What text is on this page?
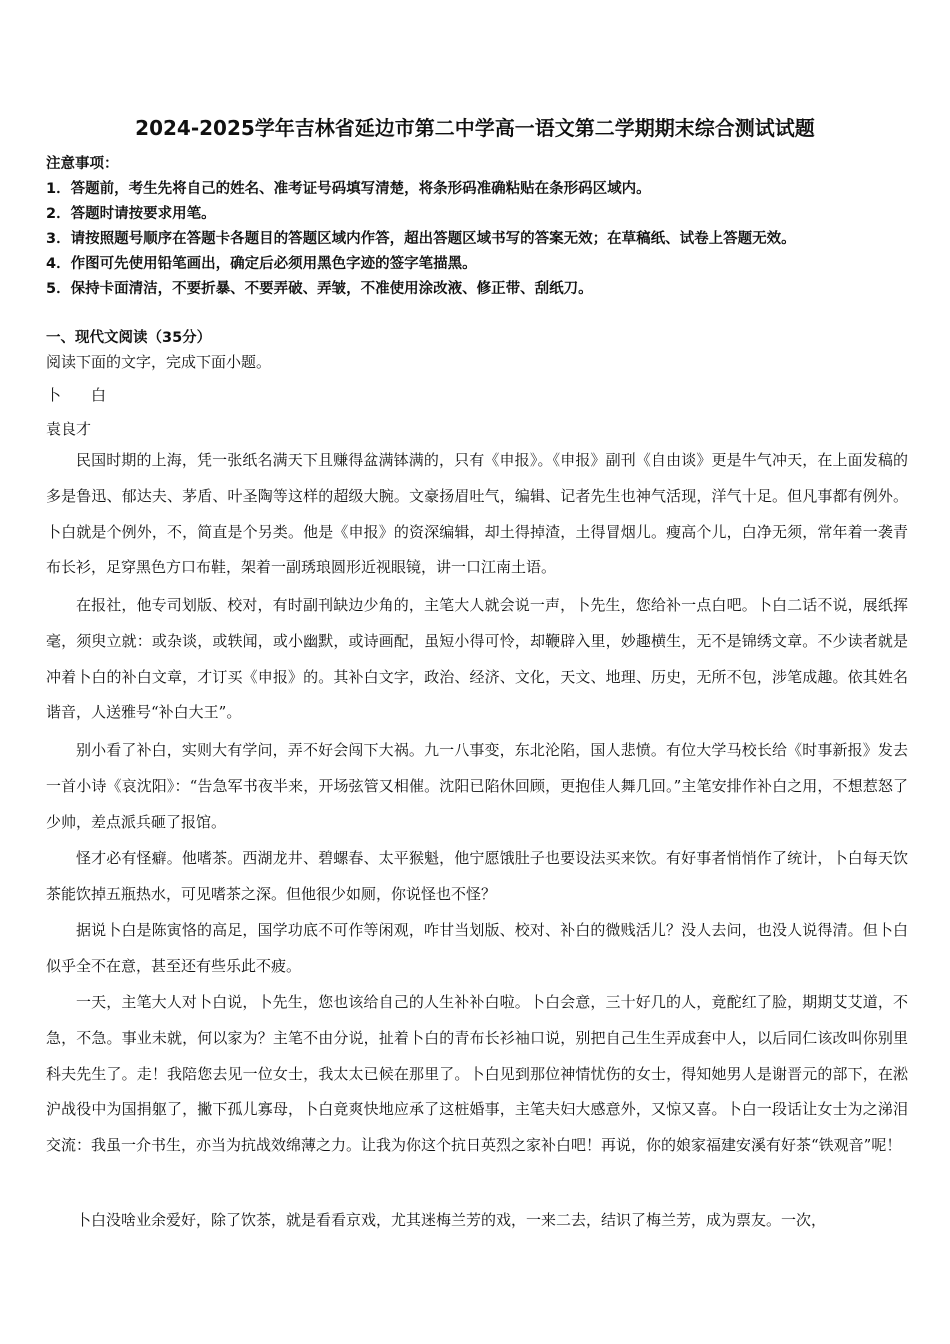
2024-2025学年吉林省延边市第二中学高一语文第二学期期末综合测试试题
注意事项：
1．答题前，考生先将自己的姓名、准考证号码填写清楚，将条形码准确粘贴在条形码区域内。
2．答题时请按要求用笔。
3．请按照题号顺序在答题卡各题目的答题区域内作答，超出答题区域书写的答案无效；在草稿纸、试卷上答题无效。
4．作图可先使用铅笔画出，确定后必须用黑色字迹的签字笔描黑。
5．保持卡面清洁，不要折暴、不要弄破、弄皱，不准使用涂改液、修正带、刮纸刀。
一、现代文阅读（35分）
阅读下面的文字，完成下面小题。
卜　　白
袁良才

民国时期的上海，凭一张纸名满天下且赚得盆满钵满的，只有《申报》。《申报》副刊《自由谈》更是牛气冲天，在上面发稿的多是鲁迅、郁达夫、茅盾、叶圣陶等这样的超级大腕。文豪扬眉吐气，编辑、记者先生也神气活现，洋气十足。但凡事都有例外。卜白就是个例外，不，简直是个另类。他是《申报》的资深编辑，却土得掉渣，土得冒烟儿。瘦高个儿，白净无须，常年着一袭青布长衫，足穿黑色方口布鞋，架着一副琇琅圆形近视眼镜，讲一口江南土语。

在报社，他专司划版、校对，有时副刊缺边少角的，主笔大人就会说一声，卜先生，您给补一点白吧。卜白二话不说，展纸挥毫，须臾立就：或杂谈，或轶闻，或小幽默，或诗画配，虽短小得可怜，却鞭辟入里，妙趣横生，无不是锦绣文章。不少读者就是冲着卜白的补白文章，才订买《申报》的。其补白文字，政治、经济、文化，天文、地理、历史，无所不包，涉笔成趣。依其姓名谐音，人送雅号“补白大王”。

别小看了补白，实则大有学问，弄不好会闯下大祸。九一八事变，东北沦陷，国人悲愤。有位大学马校长给《时事新报》发去一首小诗《哀沈阳》：“告急军书夜半来，开场弦管又相催。沈阳已陷休回顾，更抱佳人舞几回。”主笔安排作补白之用，不想惹怒了少帅，差点派兵砸了报馆。

怪才必有怪癖。他嗜茶。西湖龙井、碧螺春、太平猴魁，他宁愿饿肚子也要设法买来饮。有好事者悄悄作了统计，卜白每天饮茶能饮掉五瓶热水，可见嗜茶之深。但他很少如厕，你说怪也不怪？

据说卜白是陈寅恪的高足，国学功底不可作等闲观，咋甘当划版、校对、补白的微贱活儿？没人去问，也没人说得清。但卜白似乎全不在意，甚至还有些乐此不疲。

一天，主笔大人对卜白说，卜先生，您也该给自己的人生补补白啦。卜白会意，三十好几的人，竟酡红了脸，期期艾艾道，不急，不急。事业未就，何以家为？主笔不由分说，扯着卜白的青布长衫袖口说，别把自己生生弄成套中人，以后同仁该改叫你别里科夫先生了。走！我陪您去见一位女士，我太太已候在那里了。卜白见到那位神情忧伤的女士，得知她男人是谢晋元的部下，在淞沪战役中为国捐躯了，撇下孤儿寡母，卜白竟爽快地应承了这桩婚事，主笔夫妇大感意外，又惊又喜。卜白一段话让女士为之涕泪交流：我虽一介书生，亦当为抗战效绵薄之力。让我为你这个抗日英烈之家补白吧！再说，你的娘家福建安溪有好茶“铁观音”呢！

卜白没啥业余爱好，除了饮茶，就是看看京戏，尤其迷梅兰芳的戏，一来二去，结识了梅兰芳，成为票友。一次，
